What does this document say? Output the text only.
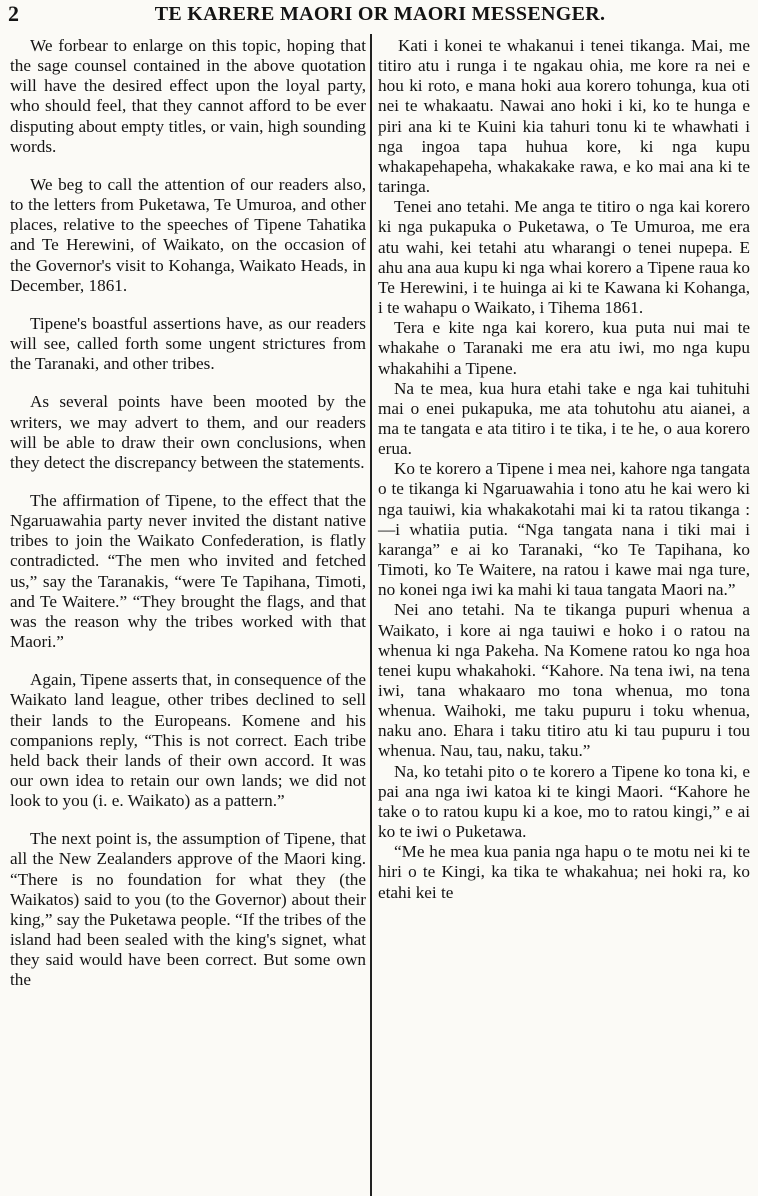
2	TE KARERE MAORI OR MAORI MESSENGER.

We forbear to enlarge on this topic, hoping that the sage counsel contained in the above quotation will have the desired effect upon the loyal party, who should feel, that they cannot afford to be ever disputing about empty titles, or vain, high sounding words.

We beg to call the attention of our readers also, to the letters from Puketawa, Te Umuroa, and other places, relative to the speeches of Tipene Tahatika and Te Herewini, of Waikato, on the occasion of the Governor's visit to Kohanga, Waikato Heads, in December, 1861.

Tipene's boastful assertions have, as our readers will see, called forth some ungent strictures from the Taranaki, and other tribes.

As several points have been mooted by the writers, we may advert to them, and our readers will be able to draw their own conclusions, when they detect the discrepancy between the statements.

The affirmation of Tipene, to the effect that the Ngaruawahia party never invited the distant native tribes to join the Waikato Confederation, is flatly contradicted. “The men who invited and fetched us,” say the Taranakis, “were Te Tapihana, Timoti, and Te Waitere.” “They brought the flags, and that was the reason why the tribes worked with that Maori.”

Again, Tipene asserts that, in consequence of the Waikato land league, other tribes declined to sell their lands to the Europeans. Komene and his companions reply, “This is not correct. Each tribe held back their lands of their own accord. It was our own idea to retain our own lands; we did not look to you (i. e. Waikato) as a pattern.”

The next point is, the assumption of Tipene, that all the New Zealanders approve of the Maori king. “There is no foundation for what they (the Waikatos) said to you (to the Governor) about their king,” say the Puketawa people. “If the tribes of the island had been sealed with the king's signet, what they said would have been correct. But some own the

Kati i konei te whakanui i tenei tikanga. Mai, me titiro atu i runga i te ngakau ohia, me kore ra nei e hou ki roto, e mana hoki aua korero tohunga, kua oti nei te whakaatu. Nawai ano hoki i ki, ko te hunga e piri ana ki te Kuini kia tahuri tonu ki te whawhati i nga ingoa tapa huhua kore, ki nga kupu whakapehapeha, whakakake rawa, e ko mai ana ki te taringa.

Tenei ano tetahi. Me anga te titiro o nga kai korero ki nga pukapuka o Puketawa, o Te Umuroa, me era atu wahi, kei tetahi atu wharangi o tenei nupepa. E ahu ana aua kupu ki nga whai korero a Tipene raua ko Te Herewini, i te huinga ai ki te Kawana ki Kohanga, i te wahapu o Waikato, i Tihema 1861.

Tera e kite nga kai korero, kua puta nui mai te whakahe o Taranaki me era atu iwi, mo nga kupu whakahihi a Tipene.

Na te mea, kua hura etahi take e nga kai tuhituhi mai o enei pukapuka, me ata tohutohu atu aianei, a ma te tangata e ata titiro i te tika, i te he, o aua korero erua.

Ko te korero a Tipene i mea nei, kahore nga tangata o te tikanga ki Ngaruawahia i tono atu he kai wero ki nga tauiwi, kia whakakotahi mai ki ta ratou tikanga :—i whatiia putia. “Nga tangata nana i tiki mai i karanga” e ai ko Taranaki, “ko Te Tapihana, ko Timoti, ko Te Waitere, na ratou i kawe mai nga ture, no konei nga iwi ka mahi ki taua tangata Maori na.”

Nei ano tetahi. Na te tikanga pupuri whenua a Waikato, i kore ai nga tauiwi e hoko i o ratou na whenua ki nga Pakeha. Na Komene ratou ko nga hoa tenei kupu whakahoki. “Kahore. Na tena iwi, na tena iwi, tana whakaaro mo tona whenua, mo tona whenua. Waihoki, me taku pupuru i toku whenua, naku ano. Ehara i taku titiro atu ki tau pupuru i tou whenua. Nau, tau, naku, taku.”

Na, ko tetahi pito o te korero a Tipene ko tona ki, e pai ana nga iwi katoa ki te kingi Maori. “Kahore he take o to ratou kupu ki a koe, mo to ratou kingi,” e ai ko te iwi o Puketawa.

“Me he mea kua pania nga hapu o te motu nei ki te hiri o te Kingi, ka tika te whakahua; nei hoki ra, ko etahi kei te
